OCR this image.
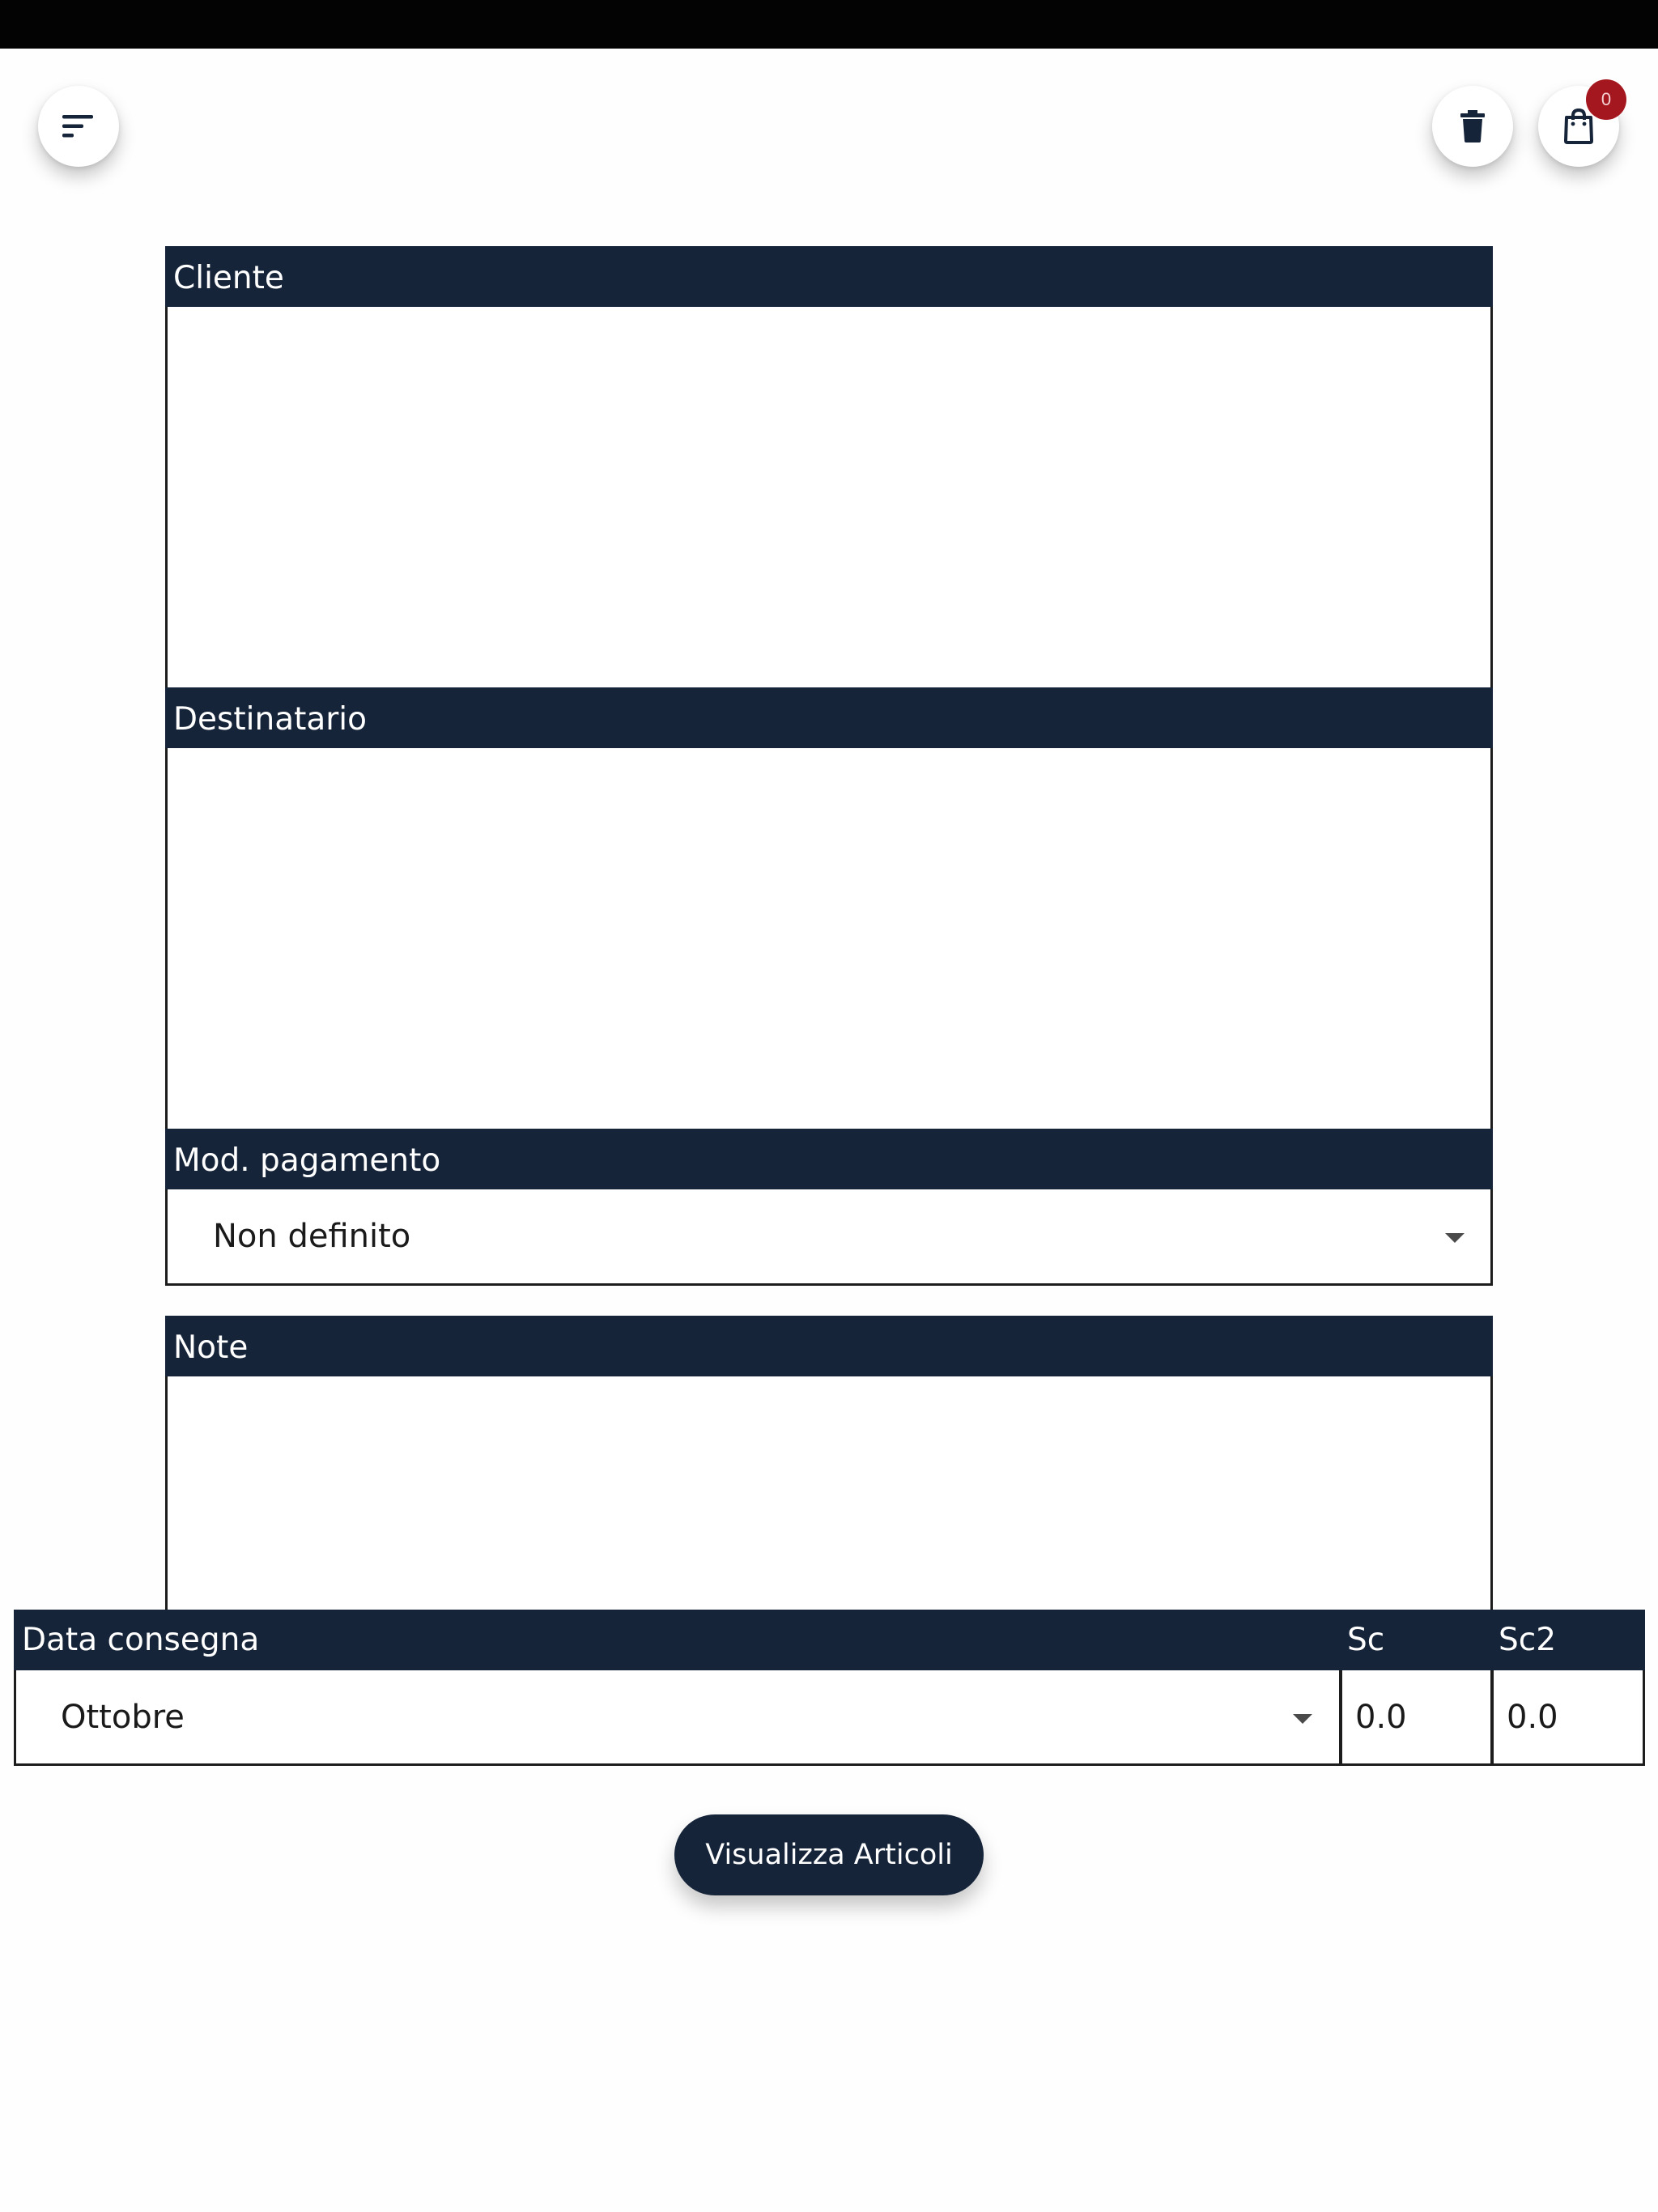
0
Cliente
Destinatario
Mod. pagamento
Non definito
Note
Data consegna	Sc	Sc2
Ottobre	0.0	0.0
Visualizza Articoli
